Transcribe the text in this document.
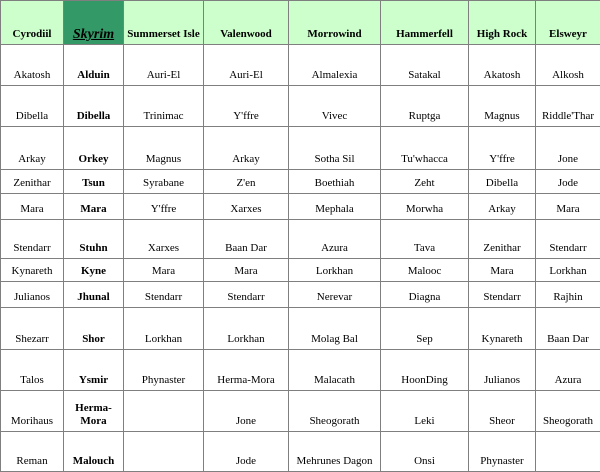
Cyrodiil	Skyrim	Summerset Isle	Valenwood	Morrowind	Hammerfell	High Rock	Elsweyr
Akatosh	Alduin	Auri-El	Auri-El	Almalexia	Satakal	Akatosh	Alkosh
Dibella	Dibella	Trinimac	Y'ffre	Vivec	Ruptga	Magnus	Riddle'Thar
Arkay	Orkey	Magnus	Arkay	Sotha Sil	Tu'whacca	Y'ffre	Jone
Zenithar	Tsun	Syrabane	Z'en	Boethiah	Zeht	Dibella	Jode
Mara	Mara	Y'ffre	Xarxes	Mephala	Morwha	Arkay	Mara
Stendarr	Stuhn	Xarxes	Baan Dar	Azura	Tava	Zenithar	Stendarr
Kynareth	Kyne	Mara	Mara	Lorkhan	Malooc	Mara	Lorkhan
Julianos	Jhunal	Stendarr	Stendarr	Nerevar	Diagna	Stendarr	Rajhin
Shezarr	Shor	Lorkhan	Lorkhan	Molag Bal	Sep	Kynareth	Baan Dar
Talos	Ysmir	Phynaster	Herma-Mora	Malacath	HoonDing	Julianos	Azura
Morihaus	Herma-Mora		Jone	Sheogorath	Leki	Sheor	Sheogorath
Reman	Malouch		Jode	Mehrunes Dagon	Onsi	Phynaster	
